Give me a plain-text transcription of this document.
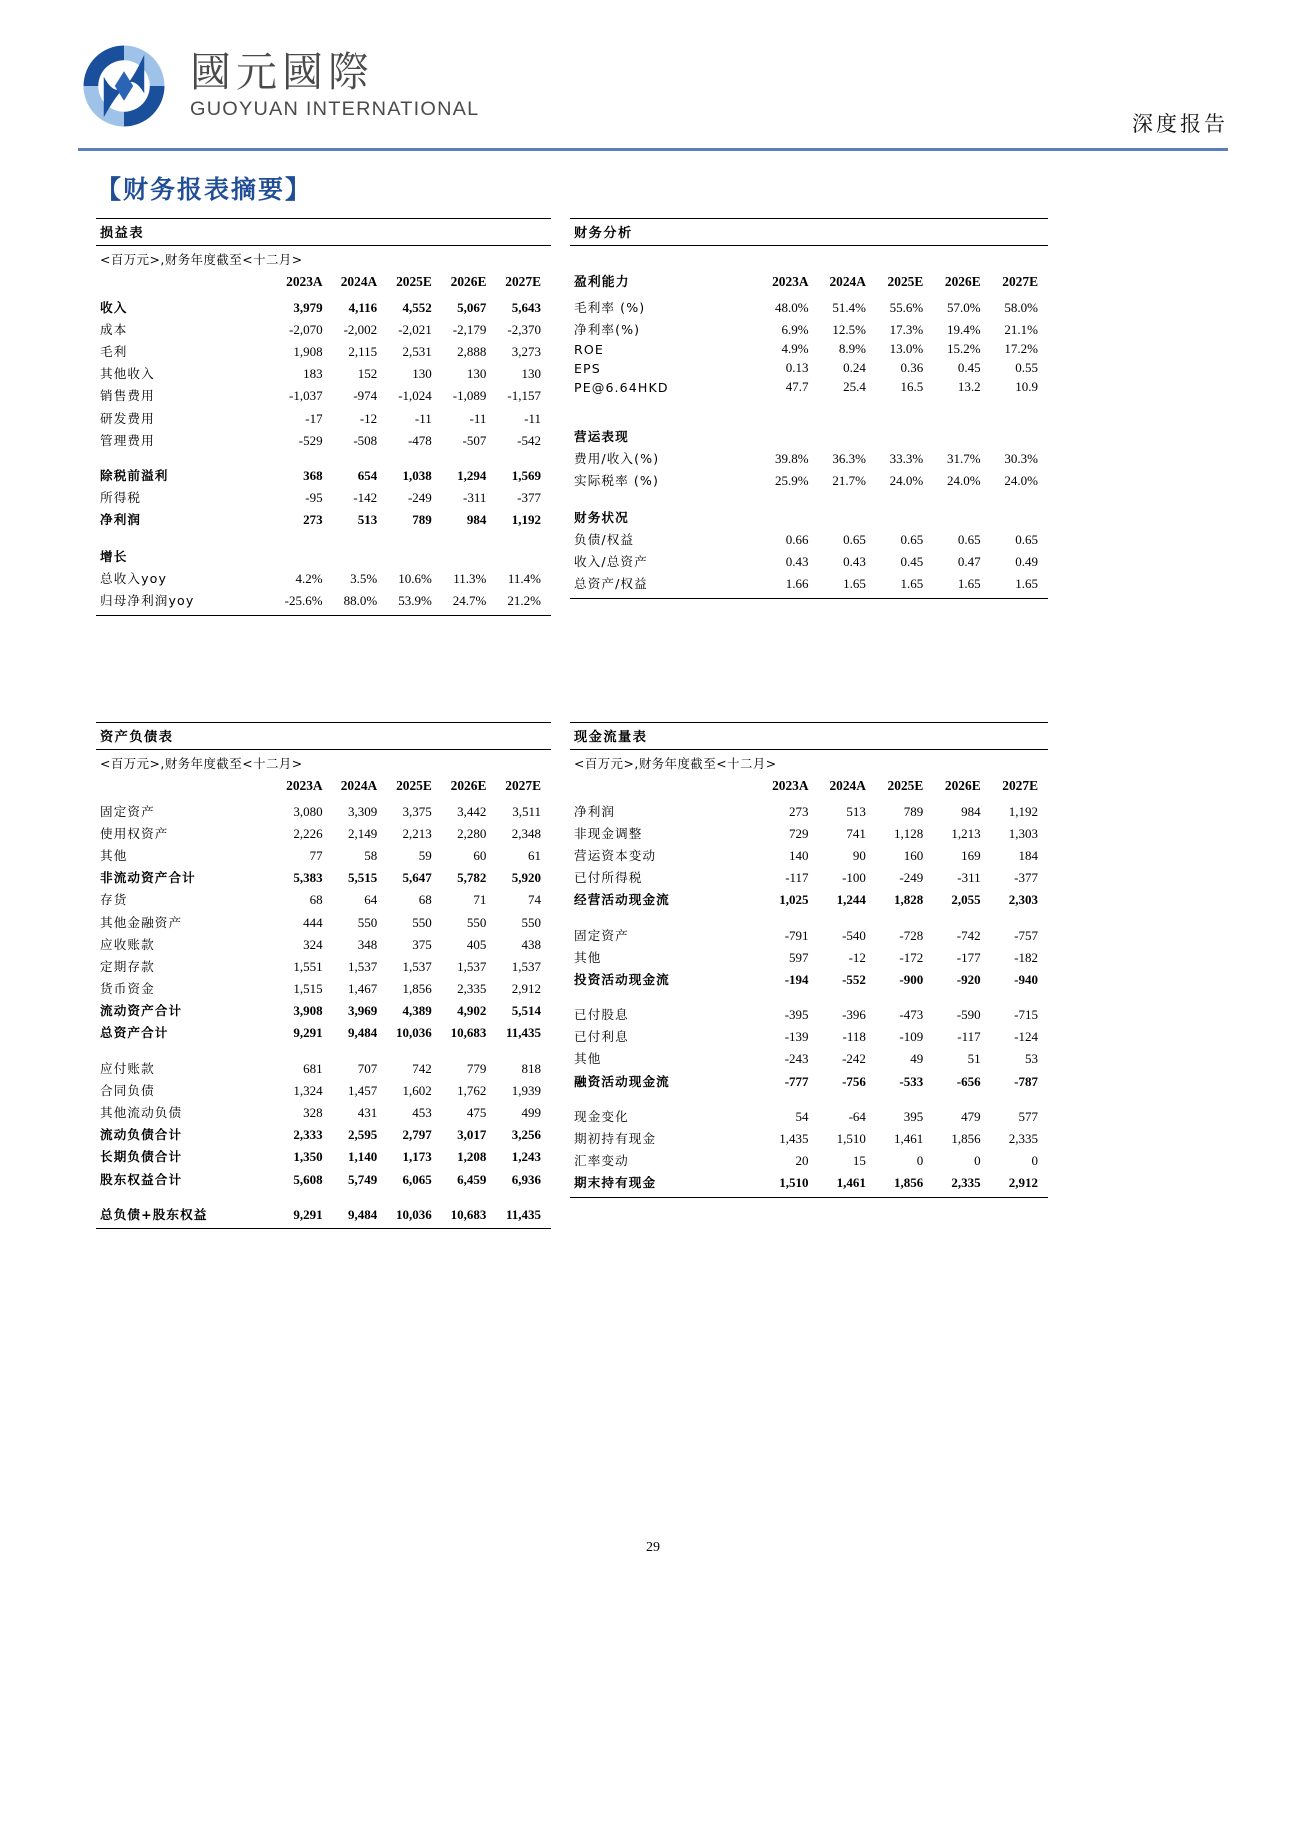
國元國際
GUOYUAN INTERNATIONAL
深度报告
【财务报表摘要】
损益表
<百万元>,财务年度截至<十二月>
	2023A	2024A	2025E	2026E	2027E
收入	3,979	4,116	4,552	5,067	5,643
成本	-2,070	-2,002	-2,021	-2,179	-2,370
毛利	1,908	2,115	2,531	2,888	3,273
其他收入	183	152	130	130	130
销售费用	-1,037	-974	-1,024	-1,089	-1,157
研发费用	-17	-12	-11	-11	-11
管理费用	-529	-508	-478	-507	-542

除税前溢利	368	654	1,038	1,294	1,569
所得税	-95	-142	-249	-311	-377
净利润	273	513	789	984	1,192

增长					
总收入yoy	4.2%	3.5%	10.6%	11.3%	11.4%
归母净利润yoy	-25.6%	88.0%	53.9%	24.7%	21.2%
财务分析

盈利能力	2023A	2024A	2025E	2026E	2027E
毛利率 (%)	48.0%	51.4%	55.6%	57.0%	58.0%
净利率(%)	6.9%	12.5%	17.3%	19.4%	21.1%
ROE	4.9%	8.9%	13.0%	15.2%	17.2%
EPS	0.13	0.24	0.36	0.45	0.55
PE@6.64HKD	47.7	25.4	16.5	13.2	10.9

营运表现					
费用/收入(%)	39.8%	36.3%	33.3%	31.7%	30.3%
实际税率 (%)	25.9%	21.7%	24.0%	24.0%	24.0%

财务状况					
负债/权益	0.66	0.65	0.65	0.65	0.65
收入/总资产	0.43	0.43	0.45	0.47	0.49
总资产/权益	1.66	1.65	1.65	1.65	1.65
资产负债表
<百万元>,财务年度截至<十二月>
	2023A	2024A	2025E	2026E	2027E
固定资产	3,080	3,309	3,375	3,442	3,511
使用权资产	2,226	2,149	2,213	2,280	2,348
其他	77	58	59	60	61
非流动资产合计	5,383	5,515	5,647	5,782	5,920
存货	68	64	68	71	74
其他金融资产	444	550	550	550	550
应收账款	324	348	375	405	438
定期存款	1,551	1,537	1,537	1,537	1,537
货币资金	1,515	1,467	1,856	2,335	2,912
流动资产合计	3,908	3,969	4,389	4,902	5,514
总资产合计	9,291	9,484	10,036	10,683	11,435

应付账款	681	707	742	779	818
合同负债	1,324	1,457	1,602	1,762	1,939
其他流动负债	328	431	453	475	499
流动负债合计	2,333	2,595	2,797	3,017	3,256
长期负债合计	1,350	1,140	1,173	1,208	1,243
股东权益合计	5,608	5,749	6,065	6,459	6,936

总负债+股东权益	9,291	9,484	10,036	10,683	11,435
现金流量表
<百万元>,财务年度截至<十二月>
	2023A	2024A	2025E	2026E	2027E
净利润	273	513	789	984	1,192
非现金调整	729	741	1,128	1,213	1,303
营运资本变动	140	90	160	169	184
已付所得税	-117	-100	-249	-311	-377
经营活动现金流	1,025	1,244	1,828	2,055	2,303

固定资产	-791	-540	-728	-742	-757
其他	597	-12	-172	-177	-182
投资活动现金流	-194	-552	-900	-920	-940

已付股息	-395	-396	-473	-590	-715
已付利息	-139	-118	-109	-117	-124
其他	-243	-242	49	51	53
融资活动现金流	-777	-756	-533	-656	-787

现金变化	54	-64	395	479	577
期初持有现金	1,435	1,510	1,461	1,856	2,335
汇率变动	20	15	0	0	0
期末持有现金	1,510	1,461	1,856	2,335	2,912
29
